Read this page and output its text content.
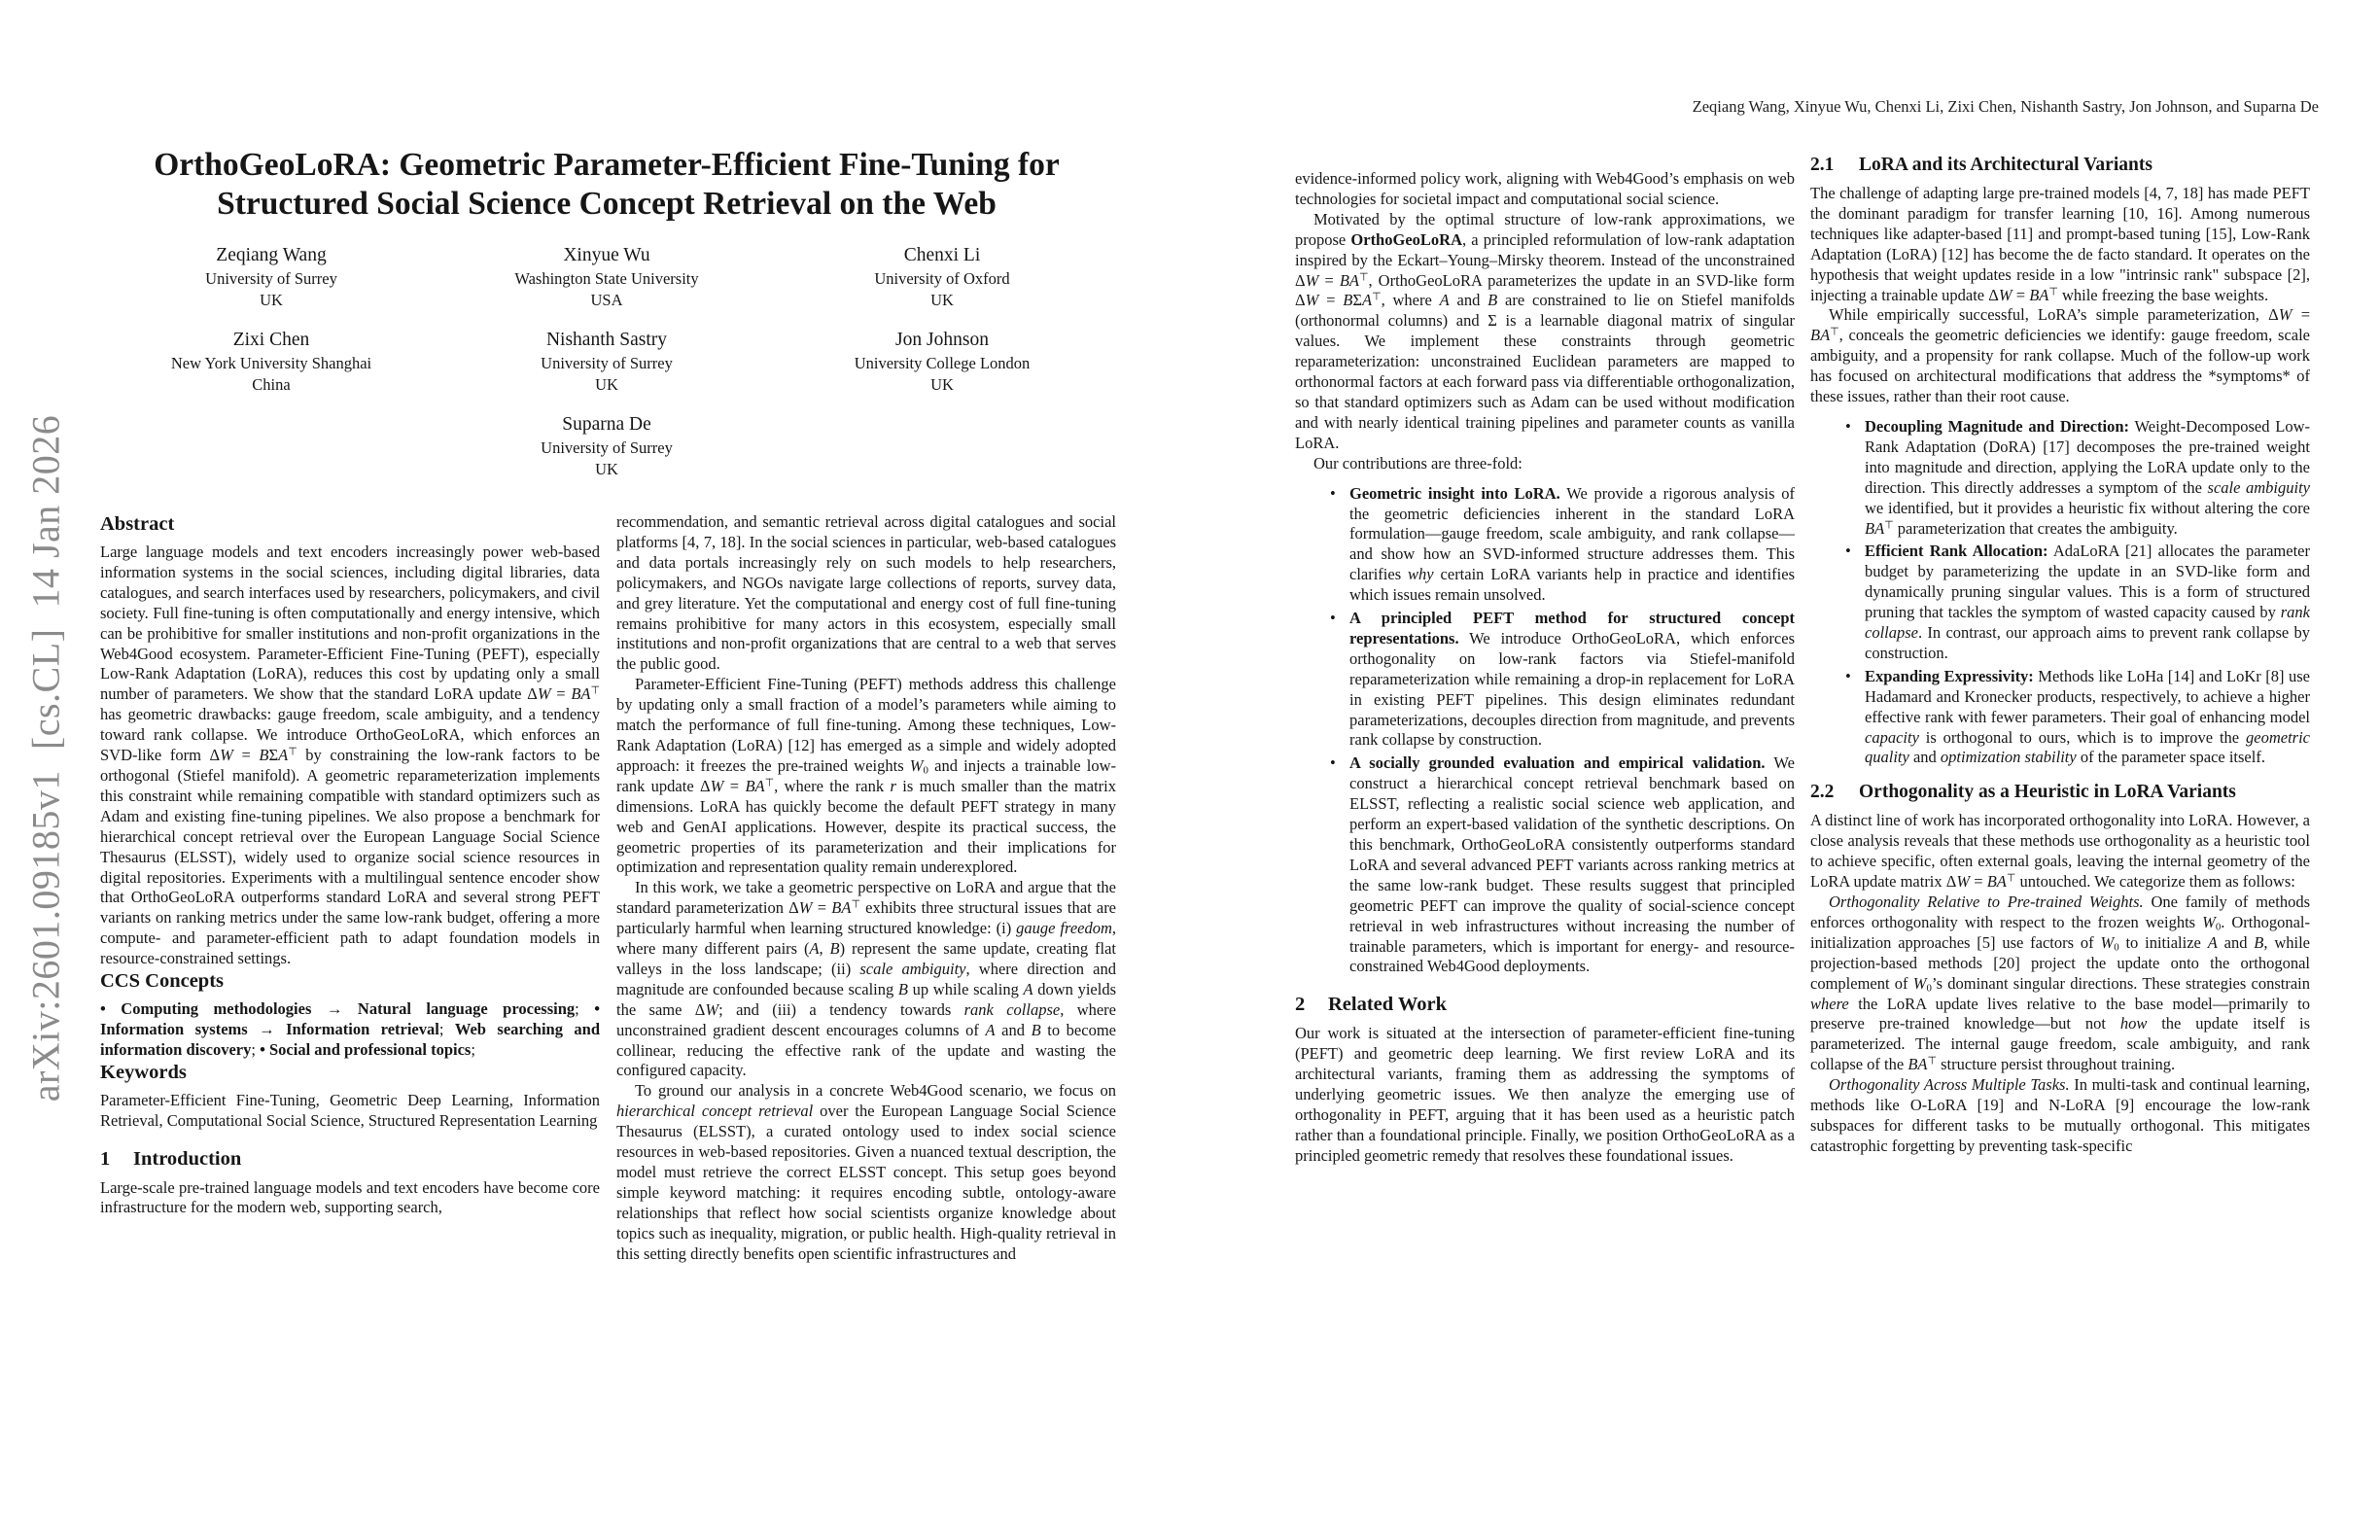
arXiv:2601.09185v1  [cs.CL]  14 Jan 2026
Zeqiang Wang, Xinyue Wu, Chenxi Li, Zixi Chen, Nishanth Sastry, Jon Johnson, and Suparna De
OrthoGeoLoRA: Geometric Parameter-Efficient Fine-Tuning for
Structured Social Science Concept Retrieval on the Web
Zeqiang Wang
University of Surrey
UK
Xinyue Wu
Washington State University
USA
Chenxi Li
University of Oxford
UK
Zixi Chen
New York University Shanghai
China
Nishanth Sastry
University of Surrey
UK
Jon Johnson
University College London
UK
Suparna De
University of Surrey
UK
Abstract

Large language models and text encoders increasingly power web-based information systems in the social sciences, including digital libraries, data catalogues, and search interfaces used by researchers, policymakers, and civil society. Full fine-tuning is often computationally and energy intensive, which can be prohibitive for smaller institutions and non-profit organizations in the Web4Good ecosystem. Parameter-Efficient Fine-Tuning (PEFT), especially Low-Rank Adaptation (LoRA), reduces this cost by updating only a small number of parameters. We show that the standard LoRA update ΔW = BA⊤ has geometric drawbacks: gauge freedom, scale ambiguity, and a tendency toward rank collapse. We introduce OrthoGeoLoRA, which enforces an SVD-like form ΔW = BΣA⊤ by constraining the low-rank factors to be orthogonal (Stiefel manifold). A geometric reparameterization implements this constraint while remaining compatible with standard optimizers such as Adam and existing fine-tuning pipelines. We also propose a benchmark for hierarchical concept retrieval over the European Language Social Science Thesaurus (ELSST), widely used to organize social science resources in digital repositories. Experiments with a multilingual sentence encoder show that OrthoGeoLoRA outperforms standard LoRA and several strong PEFT variants on ranking metrics under the same low-rank budget, offering a more compute- and parameter-efficient path to adapt foundation models in resource-constrained settings.

CCS Concepts

• Computing methodologies → Natural language processing; • Information systems → Information retrieval; Web searching and information discovery; • Social and professional topics;

Keywords

Parameter-Efficient Fine-Tuning, Geometric Deep Learning, Information Retrieval, Computational Social Science, Structured Representation Learning

1	Introduction

Large-scale pre-trained language models and text encoders have become core infrastructure for the modern web, supporting search,

recommendation, and semantic retrieval across digital catalogues and social platforms [4, 7, 18]. In the social sciences in particular, web-based catalogues and data portals increasingly rely on such models to help researchers, policymakers, and NGOs navigate large collections of reports, survey data, and grey literature. Yet the computational and energy cost of full fine-tuning remains prohibitive for many actors in this ecosystem, especially small institutions and non-profit organizations that are central to a web that serves the public good.

Parameter-Efficient Fine-Tuning (PEFT) methods address this challenge by updating only a small fraction of a model’s parameters while aiming to match the performance of full fine-tuning. Among these techniques, Low-Rank Adaptation (LoRA) [12] has emerged as a simple and widely adopted approach: it freezes the pre-trained weights W0 and injects a trainable low-rank update ΔW = BA⊤, where the rank r is much smaller than the matrix dimensions. LoRA has quickly become the default PEFT strategy in many web and GenAI applications. However, despite its practical success, the geometric properties of its parameterization and their implications for optimization and representation quality remain underexplored.

In this work, we take a geometric perspective on LoRA and argue that the standard parameterization ΔW = BA⊤ exhibits three structural issues that are particularly harmful when learning structured knowledge: (i) gauge freedom, where many different pairs (A, B) represent the same update, creating flat valleys in the loss landscape; (ii) scale ambiguity, where direction and magnitude are confounded because scaling B up while scaling A down yields the same ΔW; and (iii) a tendency towards rank collapse, where unconstrained gradient descent encourages columns of A and B to become collinear, reducing the effective rank of the update and wasting the configured capacity.

To ground our analysis in a concrete Web4Good scenario, we focus on hierarchical concept retrieval over the European Language Social Science Thesaurus (ELSST), a curated ontology used to index social science resources in web-based repositories. Given a nuanced textual description, the model must retrieve the correct ELSST concept. This setup goes beyond simple keyword matching: it requires encoding subtle, ontology-aware relationships that reflect how social scientists organize knowledge about topics such as inequality, migration, or public health. High-quality retrieval in this setting directly benefits open scientific infrastructures and

evidence-informed policy work, aligning with Web4Good’s emphasis on web technologies for societal impact and computational social science.

Motivated by the optimal structure of low-rank approximations, we propose OrthoGeoLoRA, a principled reformulation of low-rank adaptation inspired by the Eckart–Young–Mirsky theorem. Instead of the unconstrained ΔW = BA⊤, OrthoGeoLoRA parameterizes the update in an SVD-like form ΔW = BΣA⊤, where A and B are constrained to lie on Stiefel manifolds (orthonormal columns) and Σ is a learnable diagonal matrix of singular values. We implement these constraints through geometric reparameterization: unconstrained Euclidean parameters are mapped to orthonormal factors at each forward pass via differentiable orthogonalization, so that standard optimizers such as Adam can be used without modification and with nearly identical training pipelines and parameter counts as vanilla LoRA.

Our contributions are three-fold:

• Geometric insight into LoRA. We provide a rigorous analysis of the geometric deficiencies inherent in the standard LoRA formulation—gauge freedom, scale ambiguity, and rank collapse—and show how an SVD-informed structure addresses them. This clarifies why certain LoRA variants help in practice and identifies which issues remain unsolved.
• A principled PEFT method for structured concept representations. We introduce OrthoGeoLoRA, which enforces orthogonality on low-rank factors via Stiefel-manifold reparameterization while remaining a drop-in replacement for LoRA in existing PEFT pipelines. This design eliminates redundant parameterizations, decouples direction from magnitude, and prevents rank collapse by construction.
• A socially grounded evaluation and empirical validation. We construct a hierarchical concept retrieval benchmark based on ELSST, reflecting a realistic social science web application, and perform an expert-based validation of the synthetic descriptions. On this benchmark, OrthoGeoLoRA consistently outperforms standard LoRA and several advanced PEFT variants across ranking metrics at the same low-rank budget. These results suggest that principled geometric PEFT can improve the quality of social-science concept retrieval in web infrastructures without increasing the number of trainable parameters, which is important for energy- and resource-constrained Web4Good deployments.
2	Related Work

Our work is situated at the intersection of parameter-efficient fine-tuning (PEFT) and geometric deep learning. We first review LoRA and its architectural variants, framing them as addressing the symptoms of underlying geometric issues. We then analyze the emerging use of orthogonality in PEFT, arguing that it has been used as a heuristic patch rather than a foundational principle. Finally, we position OrthoGeoLoRA as a principled geometric remedy that resolves these foundational issues.

2.1	LoRA and its Architectural Variants

The challenge of adapting large pre-trained models [4, 7, 18] has made PEFT the dominant paradigm for transfer learning [10, 16]. Among numerous techniques like adapter-based [11] and prompt-based tuning [15], Low-Rank Adaptation (LoRA) [12] has become the de facto standard. It operates on the hypothesis that weight updates reside in a low "intrinsic rank" subspace [2], injecting a trainable update ΔW = BA⊤ while freezing the base weights.

While empirically successful, LoRA’s simple parameterization, ΔW = BA⊤, conceals the geometric deficiencies we identify: gauge freedom, scale ambiguity, and a propensity for rank collapse. Much of the follow-up work has focused on architectural modifications that address the *symptoms* of these issues, rather than their root cause.

• Decoupling Magnitude and Direction: Weight-Decomposed Low-Rank Adaptation (DoRA) [17] decomposes the pre-trained weight into magnitude and direction, applying the LoRA update only to the direction. This directly addresses a symptom of the scale ambiguity we identified, but it provides a heuristic fix without altering the core BA⊤ parameterization that creates the ambiguity.
• Efficient Rank Allocation: AdaLoRA [21] allocates the parameter budget by parameterizing the update in an SVD-like form and dynamically pruning singular values. This is a form of structured pruning that tackles the symptom of wasted capacity caused by rank collapse. In contrast, our approach aims to prevent rank collapse by construction.
• Expanding Expressivity: Methods like LoHa [14] and LoKr [8] use Hadamard and Kronecker products, respectively, to achieve a higher effective rank with fewer parameters. Their goal of enhancing model capacity is orthogonal to ours, which is to improve the geometric quality and optimization stability of the parameter space itself.
2.2	Orthogonality as a Heuristic in LoRA Variants

A distinct line of work has incorporated orthogonality into LoRA. However, a close analysis reveals that these methods use orthogonality as a heuristic tool to achieve specific, often external goals, leaving the internal geometry of the LoRA update matrix ΔW = BA⊤ untouched. We categorize them as follows:

Orthogonality Relative to Pre-trained Weights. One family of methods enforces orthogonality with respect to the frozen weights W0. Orthogonal-initialization approaches [5] use factors of W0 to initialize A and B, while projection-based methods [20] project the update onto the orthogonal complement of W0’s dominant singular directions. These strategies constrain where the LoRA update lives relative to the base model—primarily to preserve pre-trained knowledge—but not how the update itself is parameterized. The internal gauge freedom, scale ambiguity, and rank collapse of the BA⊤ structure persist throughout training.

Orthogonality Across Multiple Tasks. In multi-task and continual learning, methods like O-LoRA [19] and N-LoRA [9] encourage the low-rank subspaces for different tasks to be mutually orthogonal. This mitigates catastrophic forgetting by preventing task-specific
